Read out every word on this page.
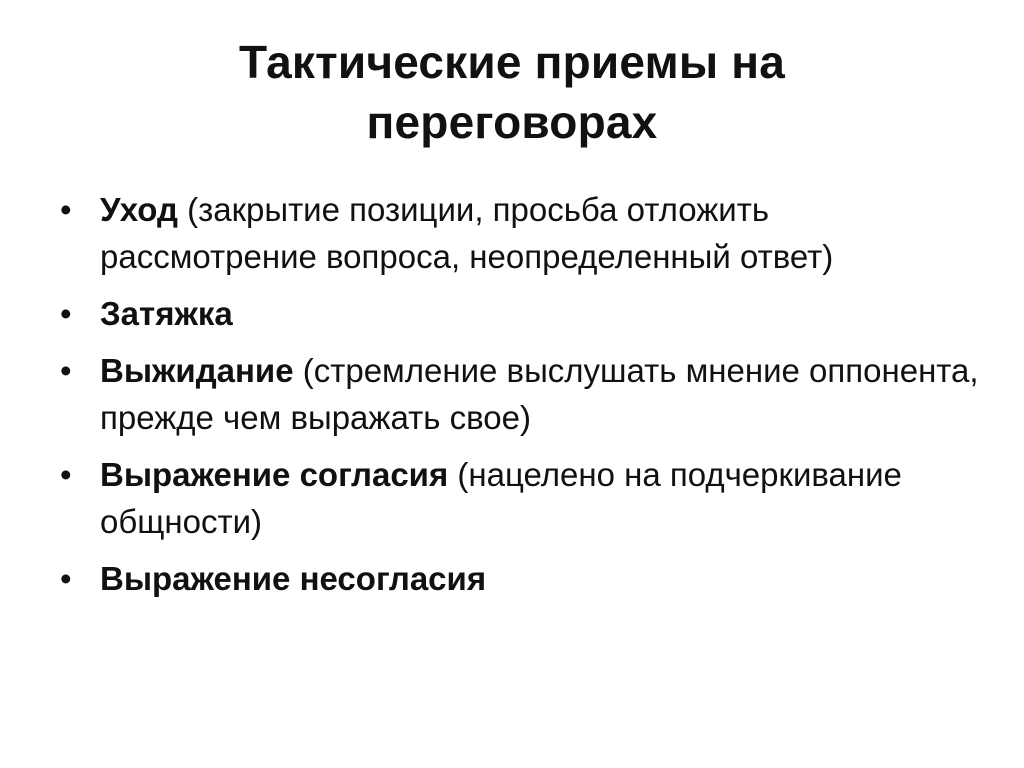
Тактические приемы на
переговорах
• Уход (закрытие позиции, просьба отложить рассмотрение вопроса, неопределенный ответ)
• Затяжка
• Выжидание (стремление выслушать мнение оппонента, прежде чем выражать свое)
• Выражение согласия (нацелено на подчеркивание общности)
• Выражение несогласия
